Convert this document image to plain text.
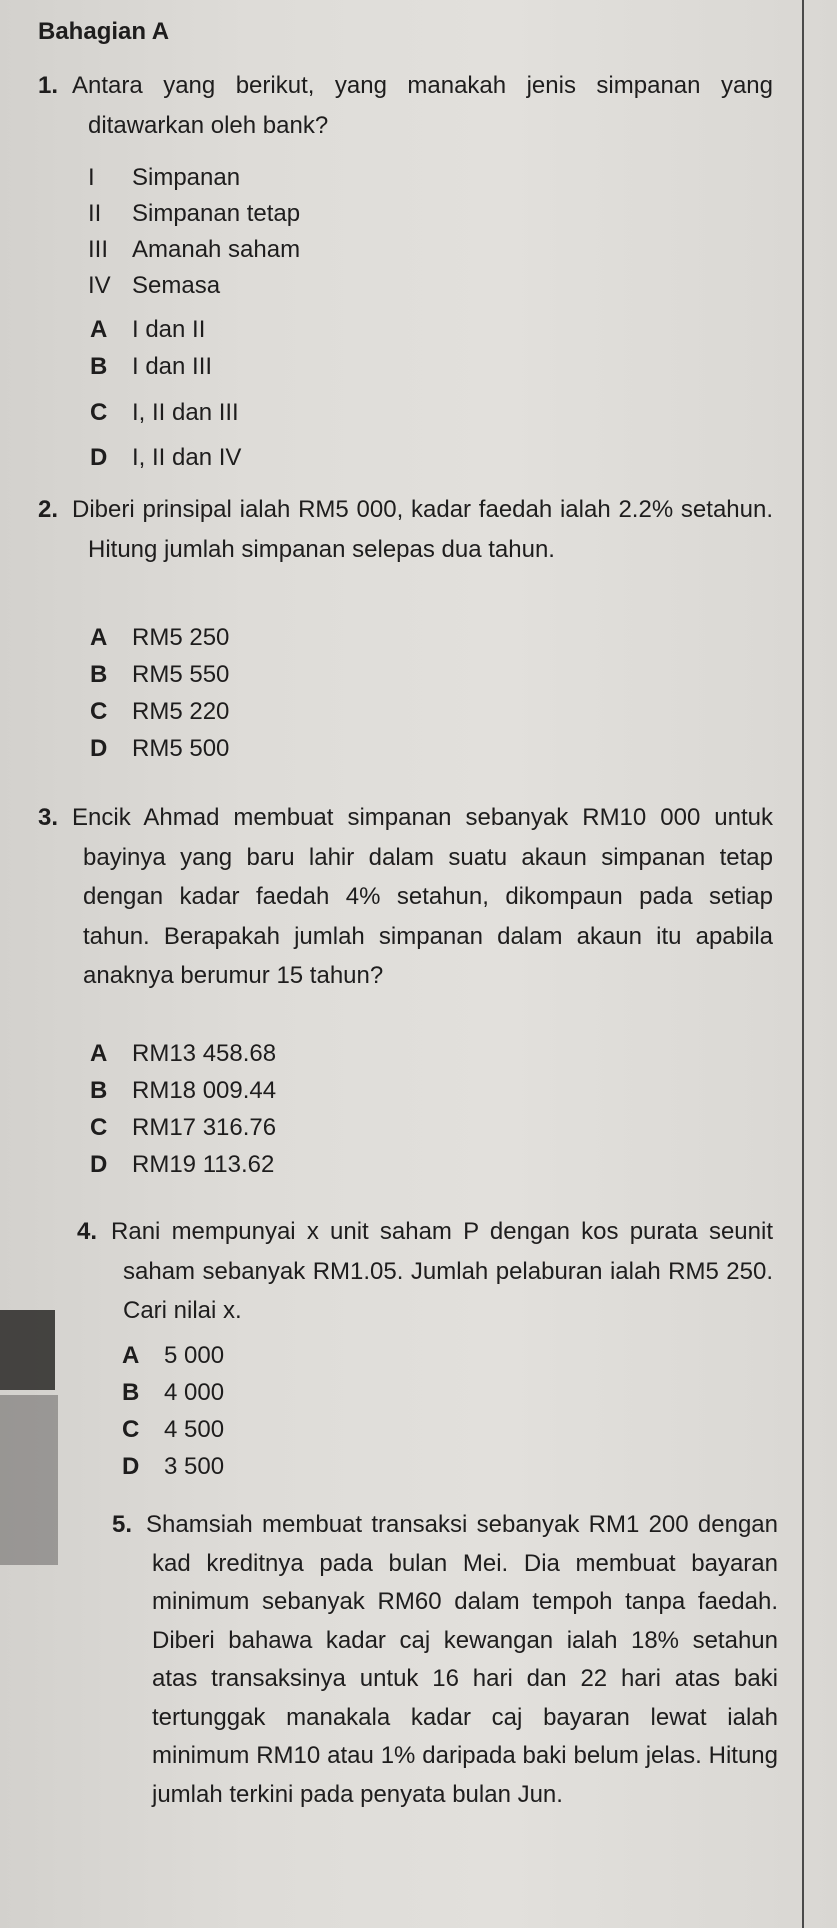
Bahagian A
1. Antara yang berikut, yang manakah jenis simpanan yang ditawarkan oleh bank?
I Simpanan
II Simpanan tetap
III Amanah saham
IV Semasa
A I dan II
B I dan III
C I, II dan III
D I, II dan IV
2. Diberi prinsipal ialah RM5 000, kadar faedah ialah 2.2% setahun. Hitung jumlah simpanan selepas dua tahun.
A RM5 250
B RM5 550
C RM5 220
D RM5 500
3. Encik Ahmad membuat simpanan sebanyak RM10 000 untuk bayinya yang baru lahir dalam suatu akaun simpanan tetap dengan kadar faedah 4% setahun, dikompaun pada setiap tahun. Berapakah jumlah simpanan dalam akaun itu apabila anaknya berumur 15 tahun?
A RM13 458.68
B RM18 009.44
C RM17 316.76
D RM19 113.62
4. Rani mempunyai x unit saham P dengan kos purata seunit saham sebanyak RM1.05. Jumlah pelaburan ialah RM5 250. Cari nilai x.
A 5 000
B 4 000
C 4 500
D 3 500
5. Shamsiah membuat transaksi sebanyak RM1 200 dengan kad kreditnya pada bulan Mei. Dia membuat bayaran minimum sebanyak RM60 dalam tempoh tanpa faedah. Diberi bahawa kadar caj kewangan ialah 18% setahun atas transaksinya untuk 16 hari dan 22 hari atas baki tertunggak manakala kadar caj bayaran lewat ialah minimum RM10 atau 1% daripada baki belum jelas. Hitung jumlah terkini pada penyata bulan Jun.
